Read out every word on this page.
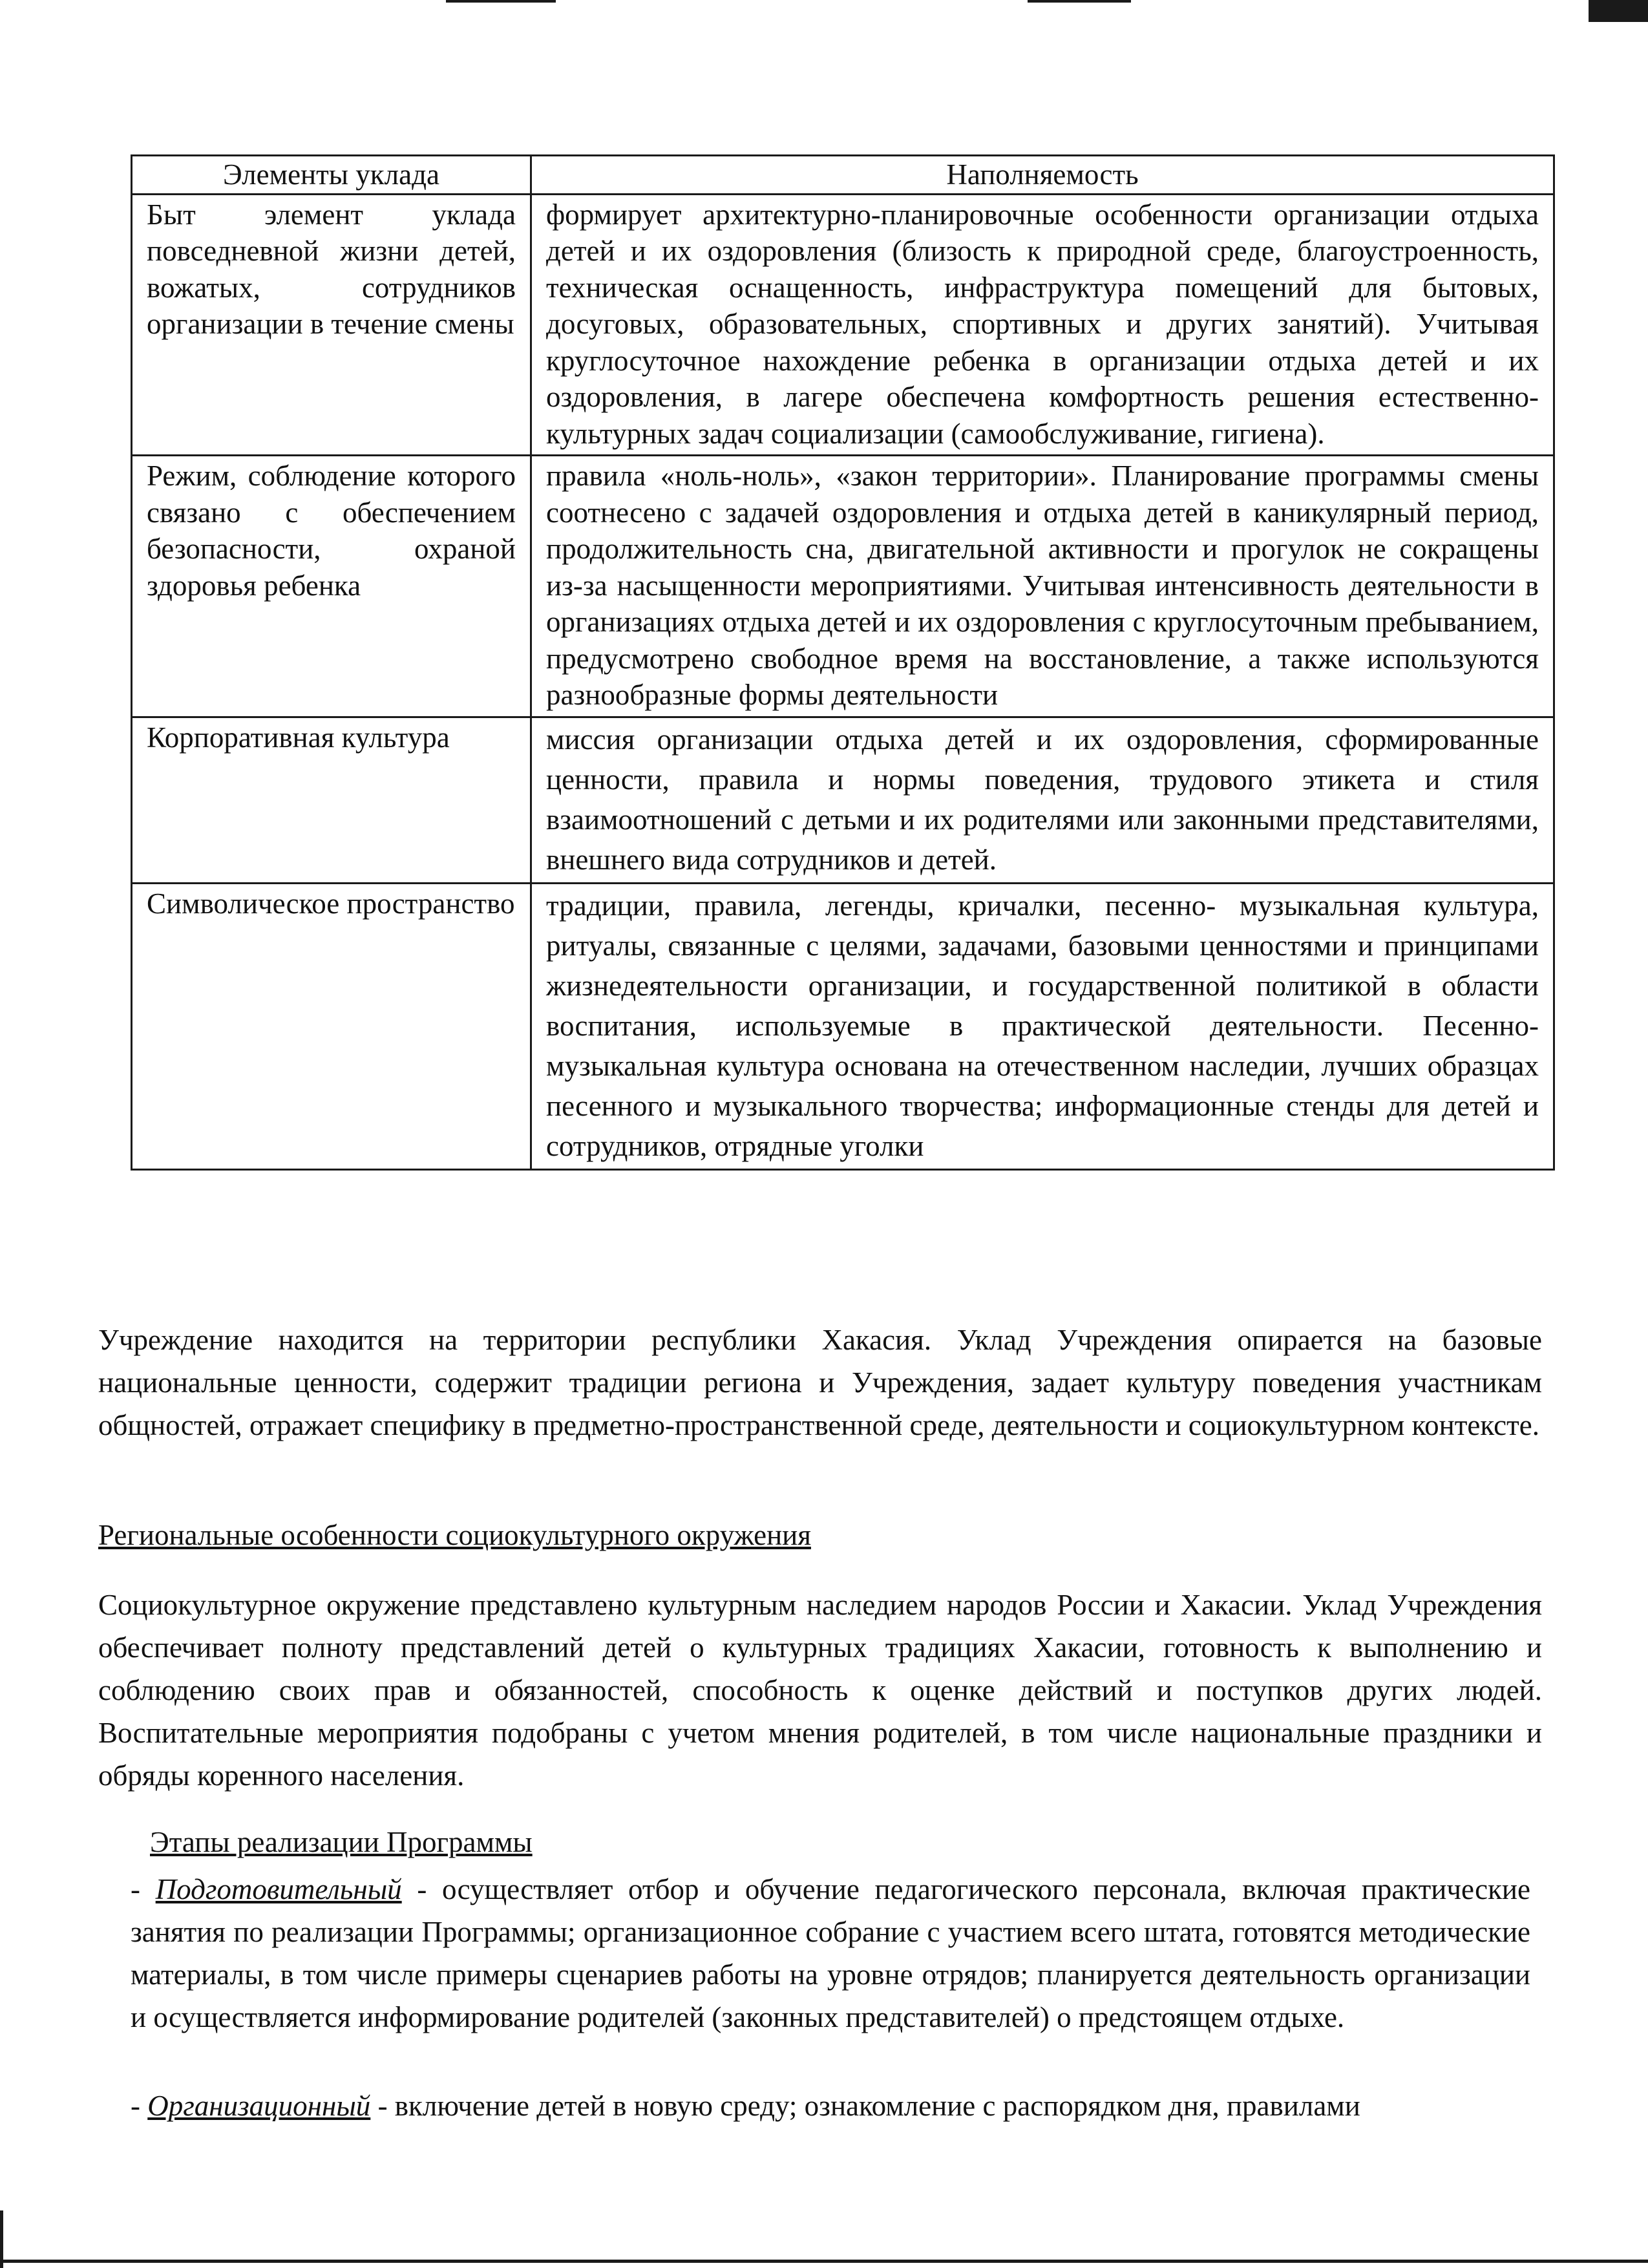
Элементы уклада	Наполняемость
Быт элемент уклада повседневной жизни детей, вожатых, сотрудников организации в течение смены	формирует архитектурно-планировочные особенности организации отдыха детей и их оздоровления (близость к природной среде, благоустроенность, техническая оснащенность, инфраструктура помещений для бытовых, досуговых, образовательных, спортивных и других занятий). Учитывая круглосуточное нахождение ребенка в организации отдыха детей и их оздоровления, в лагере обеспечена комфортность решения естественно-культурных задач социализации (самообслуживание, гигиена).
Режим, соблюдение которого связано с обеспечением безопасности, охраной здоровья ребенка	правила «ноль-ноль», «закон территории». Планирование программы смены соотнесено с задачей оздоровления и отдыха детей в каникулярный период, продолжительность сна, двигательной активности и прогулок не сокращены из-за насыщенности мероприятиями. Учитывая интенсивность деятельности в организациях отдыха детей и их оздоровления с круглосуточным пребыванием, предусмотрено свободное время на восстановление, а также используются разнообразные формы деятельности
Корпоративная культура	миссия организации отдыха детей и их оздоровления, сформированные ценности, правила и нормы поведения, трудового этикета и стиля взаимоотношений с детьми и их родителями или законными представителями, внешнего вида сотрудников и детей.
Символическое пространство	традиции, правила, легенды, кричалки, песенно- музыкальная культура, ритуалы, связанные с целями, задачами, базовыми ценностями и принципами жизнедеятельности организации, и государственной политикой в области воспитания, используемые в практической деятельности. Песенно-музыкальная культура основана на отечественном наследии, лучших образцах песенного и музыкального творчества; информационные стенды для детей и сотрудников, отрядные уголки

Учреждение находится на территории республики Хакасия. Уклад Учреждения опирается на базовые национальные ценности, содержит традиции региона и Учреждения, задает культуру поведения участникам общностей, отражает специфику в предметно-пространственной среде, деятельности и социокультурном контексте.

Региональные особенности социокультурного окружения

Социокультурное окружение представлено культурным наследием народов России и Хакасии. Уклад Учреждения обеспечивает полноту представлений детей о культурных традициях Хакасии, готовность к выполнению и соблюдению своих прав и обязанностей, способность к оценке действий и поступков других людей. Воспитательные мероприятия подобраны с учетом мнения родителей, в том числе национальные праздники и обряды коренного населения.

Этапы реализации Программы

- Подготовительный - осуществляет отбор и обучение педагогического персонала, включая практические занятия по реализации Программы; организационное собрание с участием всего штата, готовятся методические материалы, в том числе примеры сценариев работы на уровне отрядов; планируется деятельность организации и осуществляется информирование родителей (законных представителей) о предстоящем отдыхе.

- Организационный - включение детей в новую среду; ознакомление с распорядком дня, правилами
